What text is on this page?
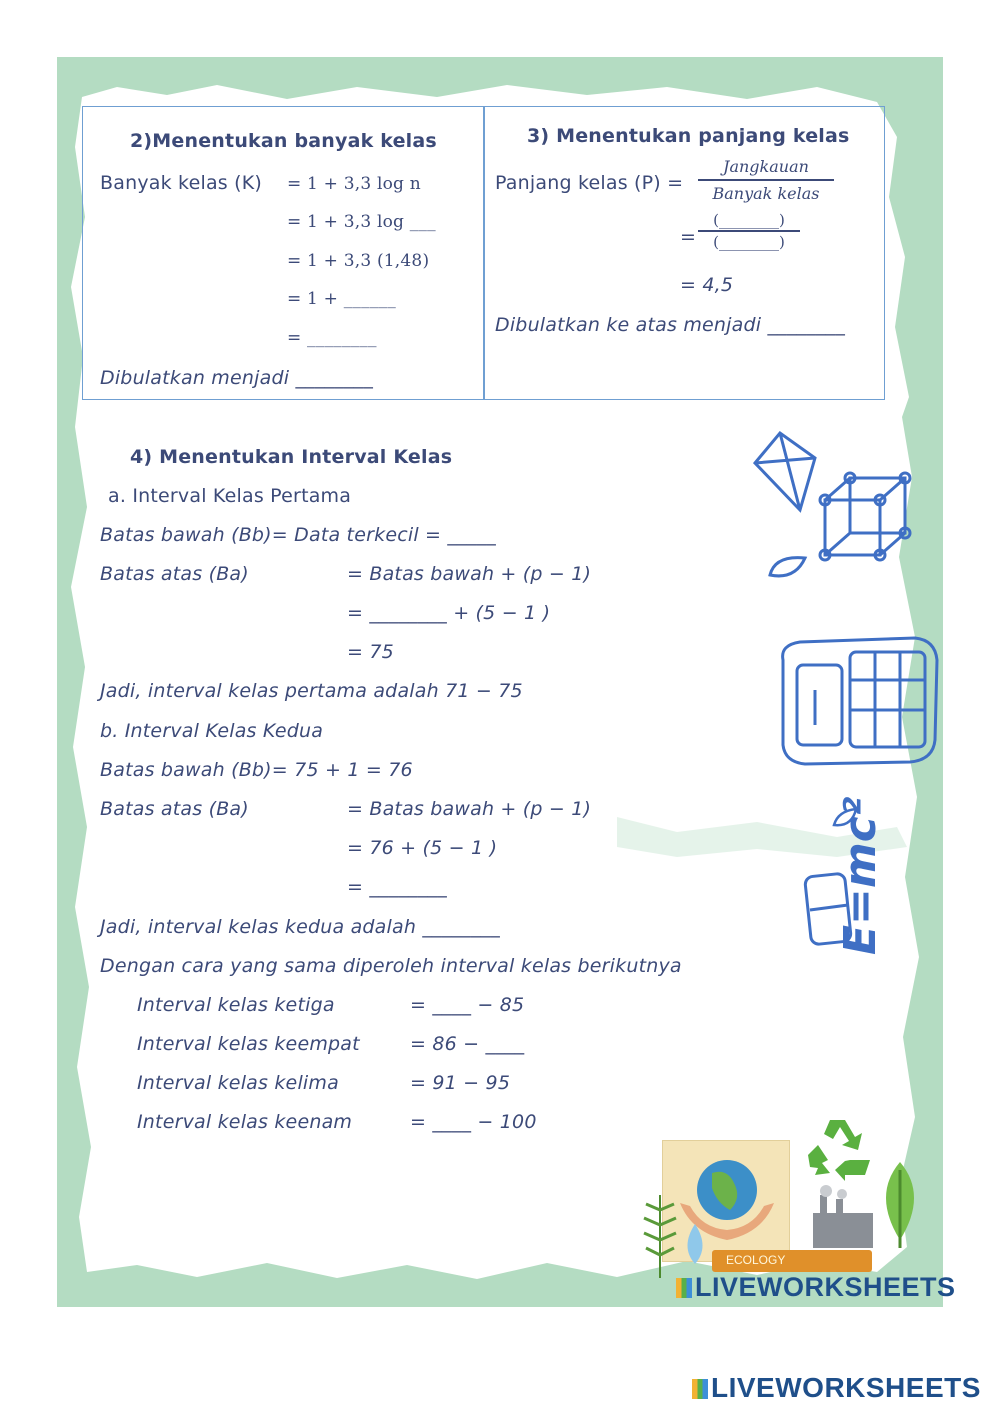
2)Menentukan banyak kelas
Banyak kelas (K) = 1 + 3,3 log n
= 1 + 3,3 log ___
= 1 + 3,3 (1,48)
= 1 + ______
= ________
Dibulatkan menjadi ________
3) Menentukan panjang kelas
Panjang kelas (P) =
Jangkauan
Banyak kelas
=
(________)
(________)
= 4,5
Dibulatkan ke atas menjadi ________
4) Menentukan Interval Kelas
a. Interval Kelas Pertama
Batas bawah (Bb)= Data terkecil = _____
Batas atas (Ba)	= Batas bawah + (p − 1)
= ________ + (5 − 1 )
= 75
Jadi, interval kelas pertama adalah 71 − 75
b. Interval Kelas Kedua
Batas bawah (Bb)= 75 + 1 = 76
Batas atas (Ba)	= Batas bawah + (p − 1)
= 76 + (5 − 1 )
= ________
Jadi, interval kelas kedua adalah ________
Dengan cara yang sama diperoleh interval kelas berikutnya
Interval kelas ketiga	= ____ − 85
Interval kelas keempat	= 86 − ____
Interval kelas kelima	= 91 − 95
Interval kelas keenam	= ____ − 100
E=mc²
ECOLOGY
LIVEWORKSHEETS
LIVEWORKSHEETS
